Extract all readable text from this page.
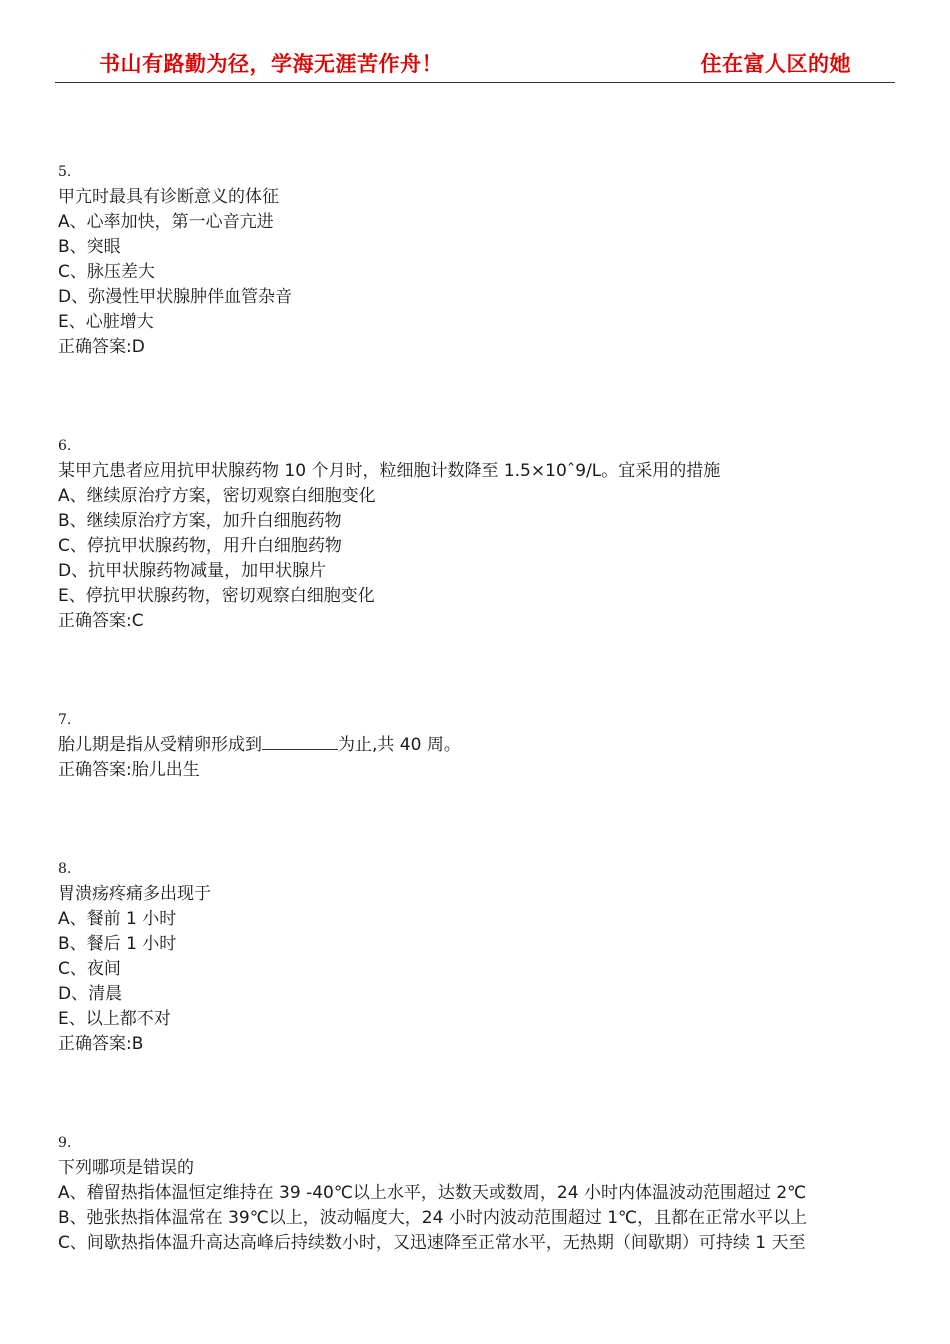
书山有路勤为径，学海无涯苦作舟！	住在富人区的她
5.
甲亢时最具有诊断意义的体征
A、心率加快，第一心音亢进
B、突眼
C、脉压差大
D、弥漫性甲状腺肿伴血管杂音
E、心脏增大
正确答案:D
6.
某甲亢患者应用抗甲状腺药物 10 个月时，粒细胞计数降至 1.5×10ˆ9/L。宜采用的措施
A、继续原治疗方案，密切观察白细胞变化
B、继续原治疗方案，加升白细胞药物
C、停抗甲状腺药物，用升白细胞药物
D、抗甲状腺药物减量，加甲状腺片
E、停抗甲状腺药物，密切观察白细胞变化
正确答案:C
7.
胎儿期是指从受精卵形成到	为止,共 40 周。
正确答案:胎儿出生
8.
胃溃疡疼痛多出现于
A、餐前 1 小时
B、餐后 1 小时
C、夜间
D、清晨
E、以上都不对
正确答案:B
9.
下列哪项是错误的
A、稽留热指体温恒定维持在 39 -40℃以上水平，达数天或数周，24 小时内体温波动范围超过 2℃
B、弛张热指体温常在 39℃以上，波动幅度大，24 小时内波动范围超过 1℃，且都在正常水平以上
C、间歇热指体温升高达高峰后持续数小时，又迅速降至正常水平，无热期（间歇期）可持续 1 天至
